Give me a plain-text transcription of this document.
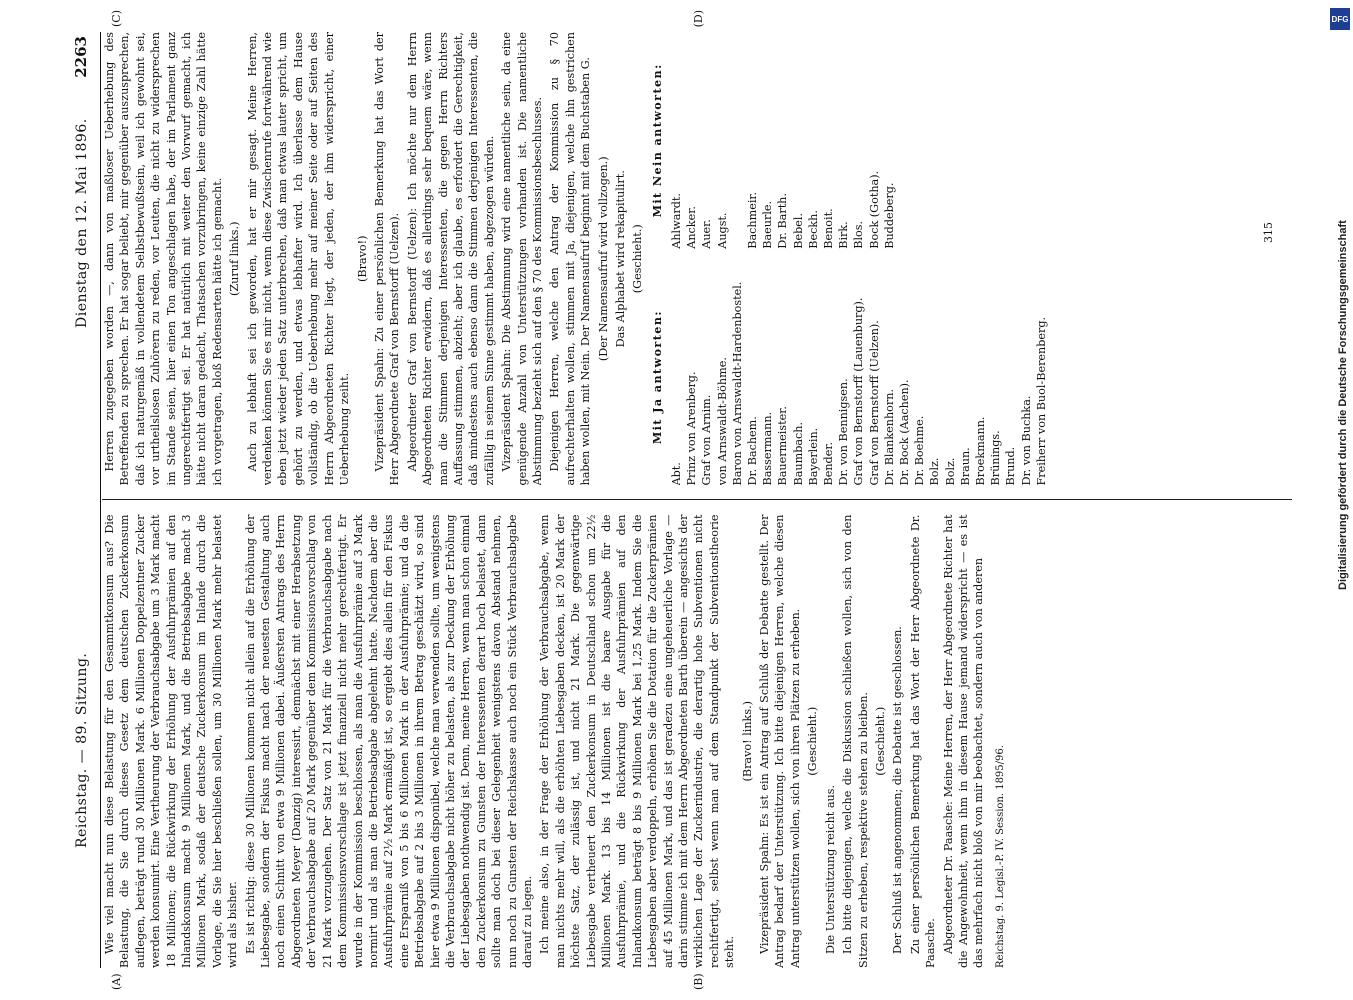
Reichstag. — 89. Sitzung.
Dienstag den 12. Mai 1896.
2263
(A)	(B)
(C)	(D)

Wie viel macht nun diese Belastung für den Gesammtkonsum aus? Die Belastung, die Sie durch dieses Gesetz dem deutschen Zuckerkonsum auflegen, beträgt rund 30 Millionen Mark. 6 Millionen Doppelzentner Zucker werden konsumirt. Eine Vertheurung der Verbrauchsabgabe um 3 Mark macht 18 Millionen; die Rückwirkung der Erhöhung der Ausfuhrprämien auf den Inlandskonsum macht 9 Millionen Mark, und die Betriebsabgabe macht 3 Millionen Mark, sodaß der deutsche Zuckerkonsum im Inlande durch die Vorlage, die Sie hier beschließen sollen, um 30 Millionen Mark mehr belastet wird als bisher. Es ist richtig: diese 30 Millionen kommen nicht allein auf die Erhöhung der Liebesgabe, sondern der Fiskus macht nach der neuesten Gestaltung auch noch einen Schnitt von etwa 9 Millionen dabei. Äußersten Antrags des Herrn Abgeordneten Meyer (Danzig) interessirt, demnächst mit einer Herabsetzung der Verbrauchsabgabe auf 20 Mark gegenüber dem Kommissionsvorschlag von 21 Mark vorzugehen. Der Satz von 21 Mark für die Verbrauchsabgabe nach dem Kommissionsvorschlage ist jetzt finanziell nicht mehr gerechtfertigt. Er wurde in der Kommission beschlossen, als man die Ausfuhrprämie auf 3 Mark normirt und als man die Betriebsabgabe abgelehnt hatte. Nachdem aber die Ausfuhrprämie auf 2½ Mark ermäßigt ist, so ergiebt dies allein für den Fiskus eine Ersparniß von 5 bis 6 Millionen Mark in der Ausfuhrprämie; und da die Betriebsabgabe auf 2 bis 3 Millionen in ihrem Betrag geschätzt wird, so sind hier etwa 9 Millionen disponibel, welche man verwenden sollte, um wenigstens die Verbrauchsabgabe nicht höher zu belasten, als zur Deckung der Erhöhung der Liebesgaben nothwendig ist. Denn, meine Herren, wenn man schon einmal den Zuckerkonsum zu Gunsten der Interessenten derart hoch belastet, dann sollte man doch bei dieser Gelegenheit wenigstens davon Abstand nehmen, nun noch zu Gunsten der Reichskasse auch noch ein Stück Verbrauchsabgabe darauf zu legen. Ich meine also, in der Frage der Erhöhung der Verbrauchsabgabe, wenn man nichts mehr will, als die erhöhten Liebesgaben decken, ist 20 Mark der höchste Satz, der zulässig ist, und nicht 21 Mark. Die gegenwärtige Liebesgabe vertheuert den Zuckerkonsum in Deutschland schon um 22½ Millionen Mark. 13 bis 14 Millionen ist die baare Ausgabe für die Ausfuhrprämie, und die Rückwirkung der Ausfuhrprämien auf den Inlandkonsum beträgt 8 bis 9 Millionen Mark bei 1,25 Mark. Indem Sie die Liebesgaben aber verdoppeln, erhöhen Sie die Dotation für die Zuckerprämien auf 45 Millionen Mark, und das ist geradezu eine ungeheuerliche Vorlage — darin stimme ich mit dem Herrn Abgeordneten Barth überein — angesichts der wirklichen Lage der Zuckerindustrie, die derartig hohe Subventionen nicht rechtfertigt, selbst wenn man auf dem Standpunkt der Subventionstheorie steht.

(Bravo! links.) Vizepräsident Spahn: Es ist ein Antrag auf Schluß der Debatte gestellt. Der Antrag bedarf der Unterstützung. Ich bitte diejenigen Herren, welche diesen Antrag unterstützen wollen, sich von ihren Plätzen zu erheben. (Geschieht.)

Die Unterstützung reicht aus. Ich bitte diejenigen, welche die Diskussion schließen wollen, sich von den Sitzen zu erheben, respektive stehen zu bleiben. (Geschieht.) Der Schluß ist angenommen; die Debatte ist geschlossen. Zu einer persönlichen Bemerkung hat das Wort der Herr Abgeordnete Dr. Paasche. Abgeordneter Dr. Paasche: Meine Herren, der Herr Abgeordnete Richter hat die Angewohnheit, wenn ihm in diesem Hause jemand widerspricht — es ist das mehrfach nicht bloß von mir beobachtet, sondern auch von anderen Reichstag. 9. Legisl.-P. IV. Session. 1895/96.

Herren zugegeben worden —, dann von maßloser Ueberhebung des Betreffenden zu sprechen. Er hat sogar beliebt, mir gegenüber auszusprechen, daß ich naturgemäß in vollendetem Selbstbewußtsein, weil ich gewohnt sei, vor urtheilslosen Zuhörern zu reden, vor Leuten, die nicht zu widersprechen im Stande seien, hier einen Ton angeschlagen habe, der im Parlament ganz ungerechtfertigt sei. Er hat natürlich mit weiter den Vorwurf gemacht, ich hätte nicht daran gedacht, Thatsachen vorzubringen, keine einzige Zahl hätte ich vorgetragen, bloß Redensarten hätte ich gemacht. (Zuruf links.) Auch zu lebhaft sei ich geworden, hat er mir gesagt. Meine Herren, verdenken können Sie es mir nicht, wenn diese Zwischenrufe fortwährend wie eben jetzt wieder jeden Satz unterbrechen, daß man etwas lauter spricht, um gehört zu werden, und etwas lebhafter wird. Ich überlasse dem Hause vollständig, ob die Ueberhebung mehr auf meiner Seite oder auf Seiten des Herrn Abgeordneten Richter liegt, der jeden, der ihm widerspricht, einer Ueberhebung zeiht.

(Bravo!) Vizepräsident Spahn: Zu einer persönlichen Bemerkung hat das Wort der Herr Abgeordnete Graf von Bernstorff (Uelzen). Abgeordneter Graf von Bernstorff (Uelzen): Ich möchte nur dem Herrn Abgeordneten Richter erwidern, daß es allerdings sehr bequem wäre, wenn man die Stimmen derjenigen Interessenten, die gegen Herrn Richters Auffassung stimmen, abzieht; aber ich glaube, es erfordert die Gerechtigkeit, daß mindestens auch ebenso dann die Stimmen derjenigen Interessenten, die zufällig in seinem Sinne gestimmt haben, abgezogen würden. Vizepräsident Spahn: Die Abstimmung wird eine namentliche sein, da eine genügende Anzahl von Unterstützungen vorhanden ist. Die namentliche Abstimmung bezieht sich auf den § 70 des Kommissionsbeschlusses. Diejenigen Herren, welche den Antrag der Kommission zu § 70 aufrechterhalten wollen, stimmen mit Ja, diejenigen, welche ihn gestrichen haben wollen, mit Nein. Der Namensaufruf beginnt mit dem Buchstaben G. (Der Namensaufruf wird vollzogen.) Das Alphabet wird rekapitulirt. (Geschieht.)

Mit Ja antworten:
Abt. Prinz von Arenberg. Graf von Arnim. von Arnswaldt-Böhme. Baron von Arnswaldt-Hardenbostel. Dr. Bachem. Bassermann. Bauermeister. Baumbach. Bayerlein. Bender. Dr. von Bennigsen. Graf von Bernstorff (Lauenburg). Graf von Bernstorff (Uelzen). Dr. Blankenhorn. Dr. Bock (Aachen). Dr. Boehme. Bolz. Bolz. Braun. Broekmann. Brünings. Brund. Dr. von Buchka. Freiherr von Buol-Berenberg.
Mit Nein antworten:
Ahlwardt. Ancker. Auer. Augst.
Bachmeir. Baeurle. Dr. Barth. Bebel. Beckh. Benoit. Birk. Blos. Bock (Gotha). Buddeberg.	315
DFG
Digitalisierung gefördert durch die Deutsche Forschungsgemeinschaft
